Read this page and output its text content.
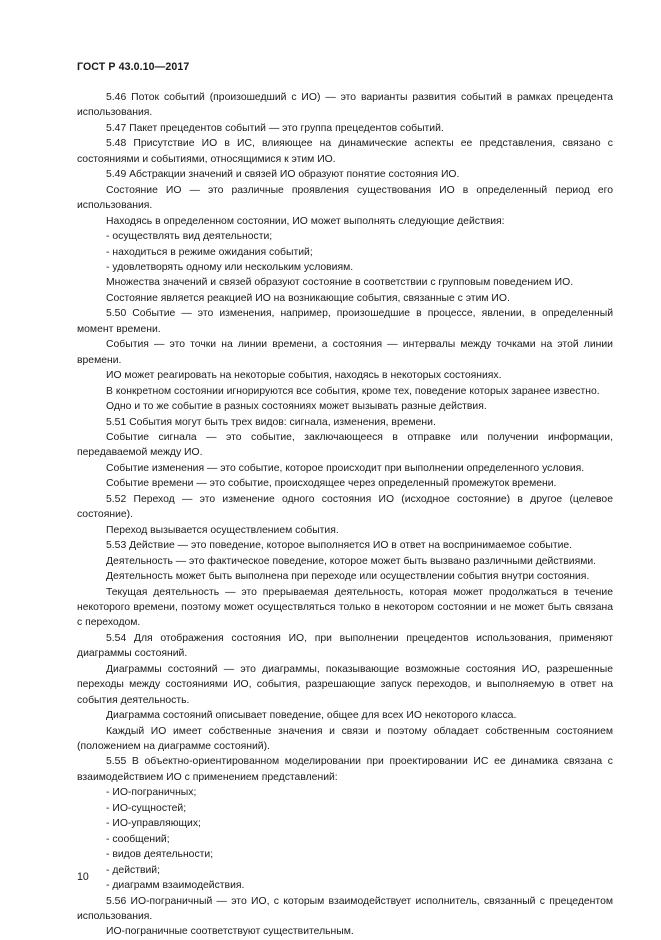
ГОСТ Р 43.0.10—2017
5.46 Поток событий (произошедший с ИО) — это варианты развития событий в рамках прецедента использования.
5.47 Пакет прецедентов событий — это группа прецедентов событий.
5.48 Присутствие ИО в ИС, влияющее на динамические аспекты ее представления, связано с состояниями и событиями, относящимися к этим ИО.
5.49 Абстракции значений и связей ИО образуют понятие состояния ИО.
Состояние ИО — это различные проявления существования ИО в определенный период его использования.
Находясь в определенном состоянии, ИО может выполнять следующие действия:
- осуществлять вид деятельности;
- находиться в режиме ожидания событий;
- удовлетворять одному или нескольким условиям.
Множества значений и связей образуют состояние в соответствии с групповым поведением ИО.
Состояние является реакцией ИО на возникающие события, связанные с этим ИО.
5.50 Событие — это изменения, например, произошедшие в процессе, явлении, в определенный момент времени.
События — это точки на линии времени, а состояния — интервалы между точками на этой линии времени.
ИО может реагировать на некоторые события, находясь в некоторых состояниях.
В конкретном состоянии игнорируются все события, кроме тех, поведение которых заранее известно.
Одно и то же событие в разных состояниях может вызывать разные действия.
5.51 События могут быть трех видов: сигнала, изменения, времени.
Событие сигнала — это событие, заключающееся в отправке или получении информации, передаваемой между ИО.
Событие изменения — это событие, которое происходит при выполнении определенного условия.
Событие времени — это событие, происходящее через определенный промежуток времени.
5.52 Переход — это изменение одного состояния ИО (исходное состояние) в другое (целевое состояние).
Переход вызывается осуществлением события.
5.53 Действие — это поведение, которое выполняется ИО в ответ на воспринимаемое событие.
Деятельность — это фактическое поведение, которое может быть вызвано различными действиями.
Деятельность может быть выполнена при переходе или осуществлении события внутри состояния.
Текущая деятельность — это прерываемая деятельность, которая может продолжаться в течение некоторого времени, поэтому может осуществляться только в некотором состоянии и не может быть связана с переходом.
5.54 Для отображения состояния ИО, при выполнении прецедентов использования, применяют диаграммы состояний.
Диаграммы состояний — это диаграммы, показывающие возможные состояния ИО, разрешенные переходы между состояниями ИО, события, разрешающие запуск переходов, и выполняемую в ответ на события деятельность.
Диаграмма состояний описывает поведение, общее для всех ИО некоторого класса.
Каждый ИО имеет собственные значения и связи и поэтому обладает собственным состоянием (положением на диаграмме состояний).
5.55 В объектно-ориентированном моделировании при проектировании ИС ее динамика связана с взаимодействием ИО с применением представлений:
- ИО-пограничных;
- ИО-сущностей;
- ИО-управляющих;
- сообщений;
- видов деятельности;
- действий;
- диаграмм взаимодействия.
5.56 ИО-пограничный — это ИО, с которым взаимодействует исполнитель, связанный с прецедентом использования.
ИО-пограничные соответствуют существительным.
10
